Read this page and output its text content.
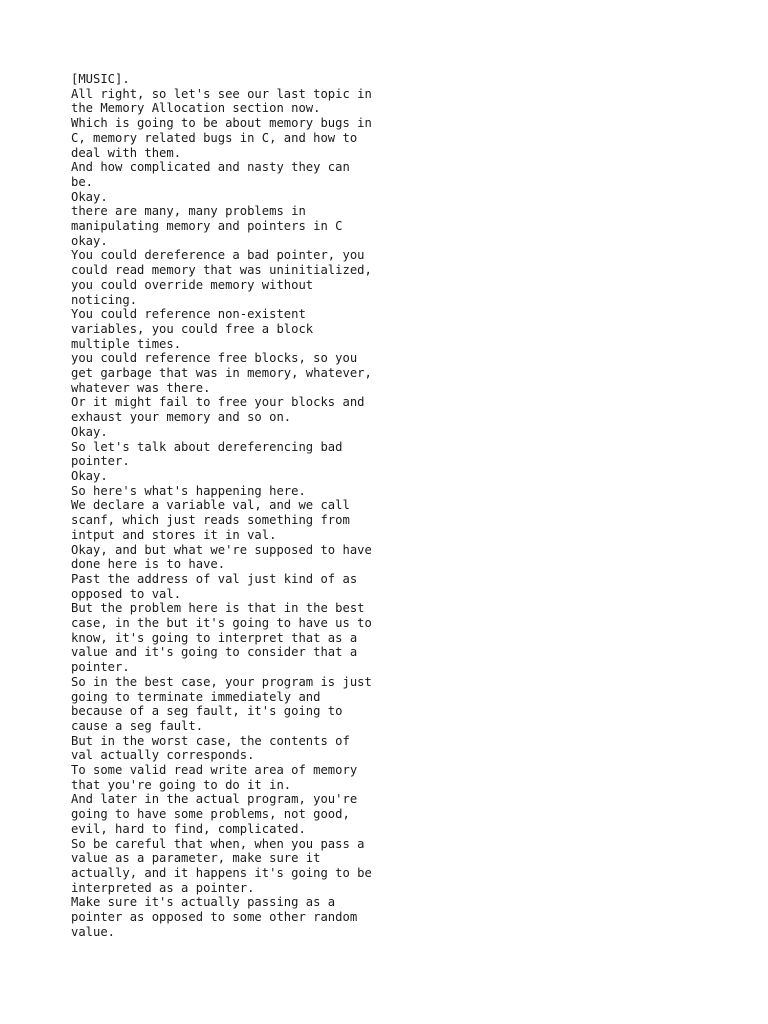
[MUSIC].
All right, so let's see our last topic in
the Memory Allocation section now.
Which is going to be about memory bugs in
C, memory related bugs in C, and how to
deal with them.
And how complicated and nasty they can
be.
Okay.
there are many, many problems in
manipulating memory and pointers in C
okay.
You could dereference a bad pointer, you
could read memory that was uninitialized,
you could override memory without
noticing.
You could reference non-existent
variables, you could free a block
multiple times.
you could reference free blocks, so you
get garbage that was in memory, whatever,
whatever was there.
Or it might fail to free your blocks and
exhaust your memory and so on.
Okay.
So let's talk about dereferencing bad
pointer.
Okay.
So here's what's happening here.
We declare a variable val, and we call
scanf, which just reads something from
intput and stores it in val.
Okay, and but what we're supposed to have
done here is to have.
Past the address of val just kind of as
opposed to val.
But the problem here is that in the best
case, in the but it's going to have us to
know, it's going to interpret that as a
value and it's going to consider that a
pointer.
So in the best case, your program is just
going to terminate immediately and
because of a seg fault, it's going to
cause a seg fault.
But in the worst case, the contents of
val actually corresponds.
To some valid read write area of memory
that you're going to do it in.
And later in the actual program, you're
going to have some problems, not good,
evil, hard to find, complicated.
So be careful that when, when you pass a
value as a parameter, make sure it
actually, and it happens it's going to be
interpreted as a pointer.
Make sure it's actually passing as a
pointer as opposed to some other random
value.
